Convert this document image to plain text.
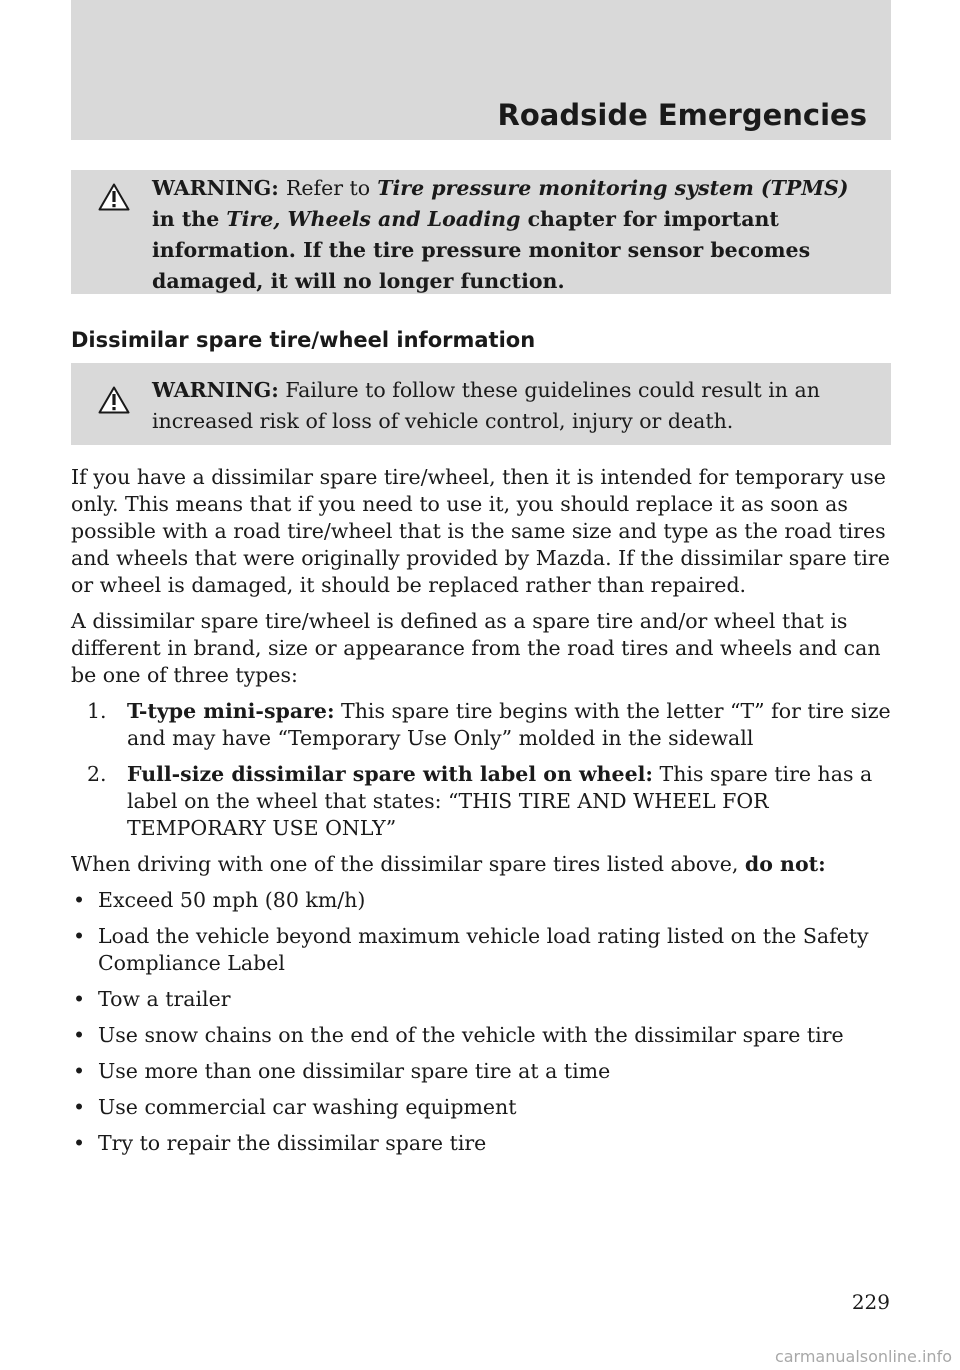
Roadside Emergencies
WARNING: Refer to Tire pressure monitoring system (TPMS) in the Tire, Wheels and Loading chapter for important information. If the tire pressure monitor sensor becomes damaged, it will no longer function.
Dissimilar spare tire/wheel information
WARNING: Failure to follow these guidelines could result in an increased risk of loss of vehicle control, injury or death.

If you have a dissimilar spare tire/wheel, then it is intended for temporary use only. This means that if you need to use it, you should replace it as soon as possible with a road tire/wheel that is the same size and type as the road tires and wheels that were originally provided by Mazda. If the dissimilar spare tire or wheel is damaged, it should be replaced rather than repaired.

A dissimilar spare tire/wheel is defined as a spare tire and/or wheel that is different in brand, size or appearance from the road tires and wheels and can be one of three types:

1. T-type mini-spare: This spare tire begins with the letter “T” for tire size and may have “Temporary Use Only” molded in the sidewall
2. Full-size dissimilar spare with label on wheel: This spare tire has a label on the wheel that states: “THIS TIRE AND WHEEL FOR TEMPORARY USE ONLY”

When driving with one of the dissimilar spare tires listed above, do not:

• Exceed 50 mph (80 km/h)
• Load the vehicle beyond maximum vehicle load rating listed on the Safety Compliance Label
• Tow a trailer
• Use snow chains on the end of the vehicle with the dissimilar spare tire
• Use more than one dissimilar spare tire at a time
• Use commercial car washing equipment
• Try to repair the dissimilar spare tire
229
carmanualsonline.info
